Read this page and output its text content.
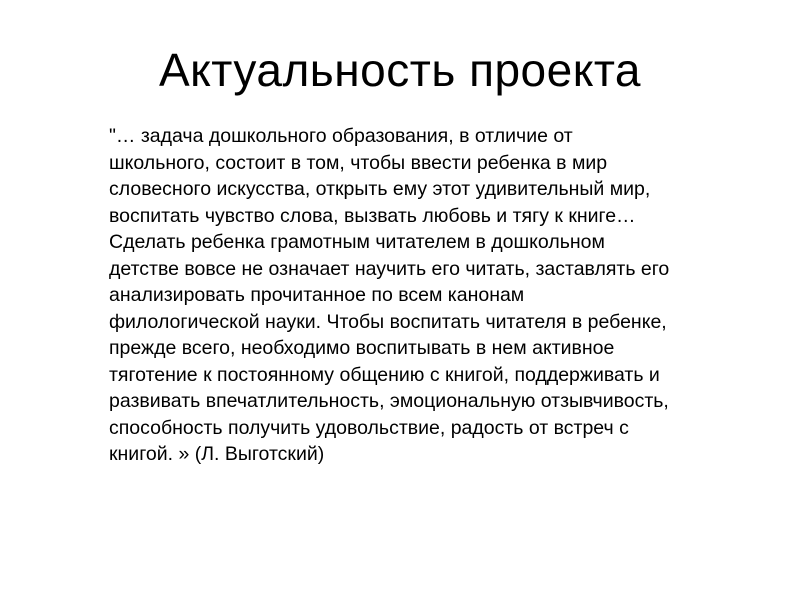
Актуальность проекта

"… задача дошкольного образования, в отличие от
школьного, состоит в том, чтобы ввести ребенка в мир
словесного искусства, открыть ему этот удивительный мир,
воспитать чувство слова, вызвать любовь и тягу к книге…
Сделать ребенка грамотным читателем в дошкольном
детстве вовсе не означает научить его читать, заставлять его
анализировать прочитанное по всем канонам
филологической науки. Чтобы воспитать читателя в ребенке,
прежде всего, необходимо воспитывать в нем активное
тяготение к постоянному общению с книгой, поддерживать и
развивать впечатлительность, эмоциональную отзывчивость,
способность получить удовольствие, радость от встреч с
книгой. » (Л. Выготский)
